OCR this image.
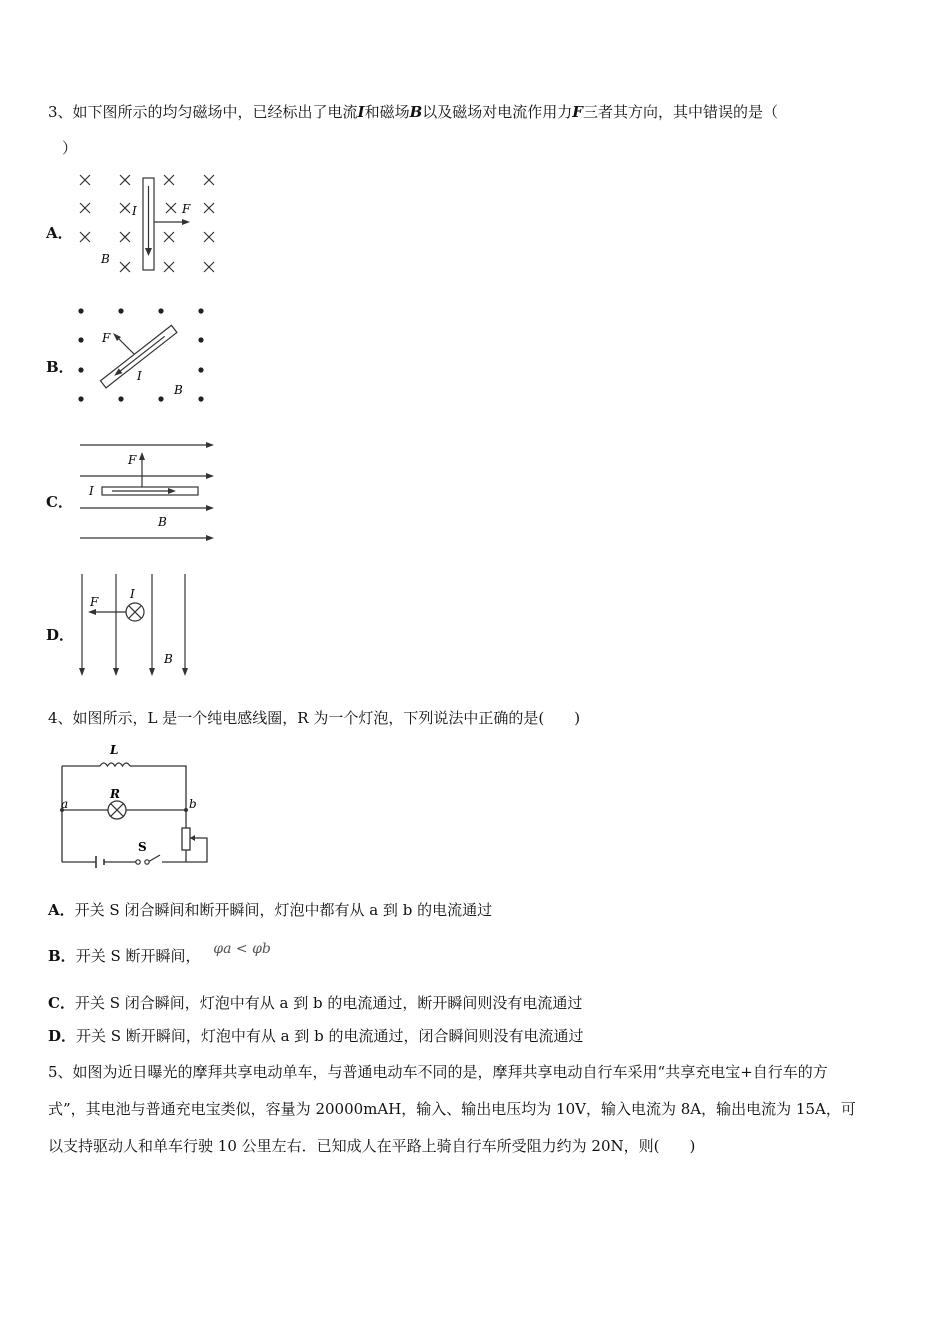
3、如下图所示的均匀磁场中，已经标出了电流I和磁场B以及磁场对电流作用力F三者其方向，其中错误的是（
）
A．
I	F
B
B．
F
I
B
C．
F
I
B
D．
F
I
B
4、如图所示，L 是一个纯电感线圈，R 为一个灯泡，下列说法中正确的是(　　)
L
R
a	b
S
A．开关 S 闭合瞬间和断开瞬间，灯泡中都有从 a 到 b 的电流通过
B．开关 S 断开瞬间， φa < φb
C．开关 S 闭合瞬间，灯泡中有从 a 到 b 的电流通过，断开瞬间则没有电流通过
D．开关 S 断开瞬间，灯泡中有从 a 到 b 的电流通过，闭合瞬间则没有电流通过
5、如图为近日曝光的摩拜共享电动单车，与普通电动车不同的是，摩拜共享电动自行车采用“共享充电宝+自行车的方
式”，其电池与普通充电宝类似，容量为 20000mAH，输入、输出电压均为 10V，输入电流为 8A，输出电流为 15A，可
以支持驱动人和单车行驶 10 公里左右．已知成人在平路上骑自行车所受阻力约为 20N，则(　　)
